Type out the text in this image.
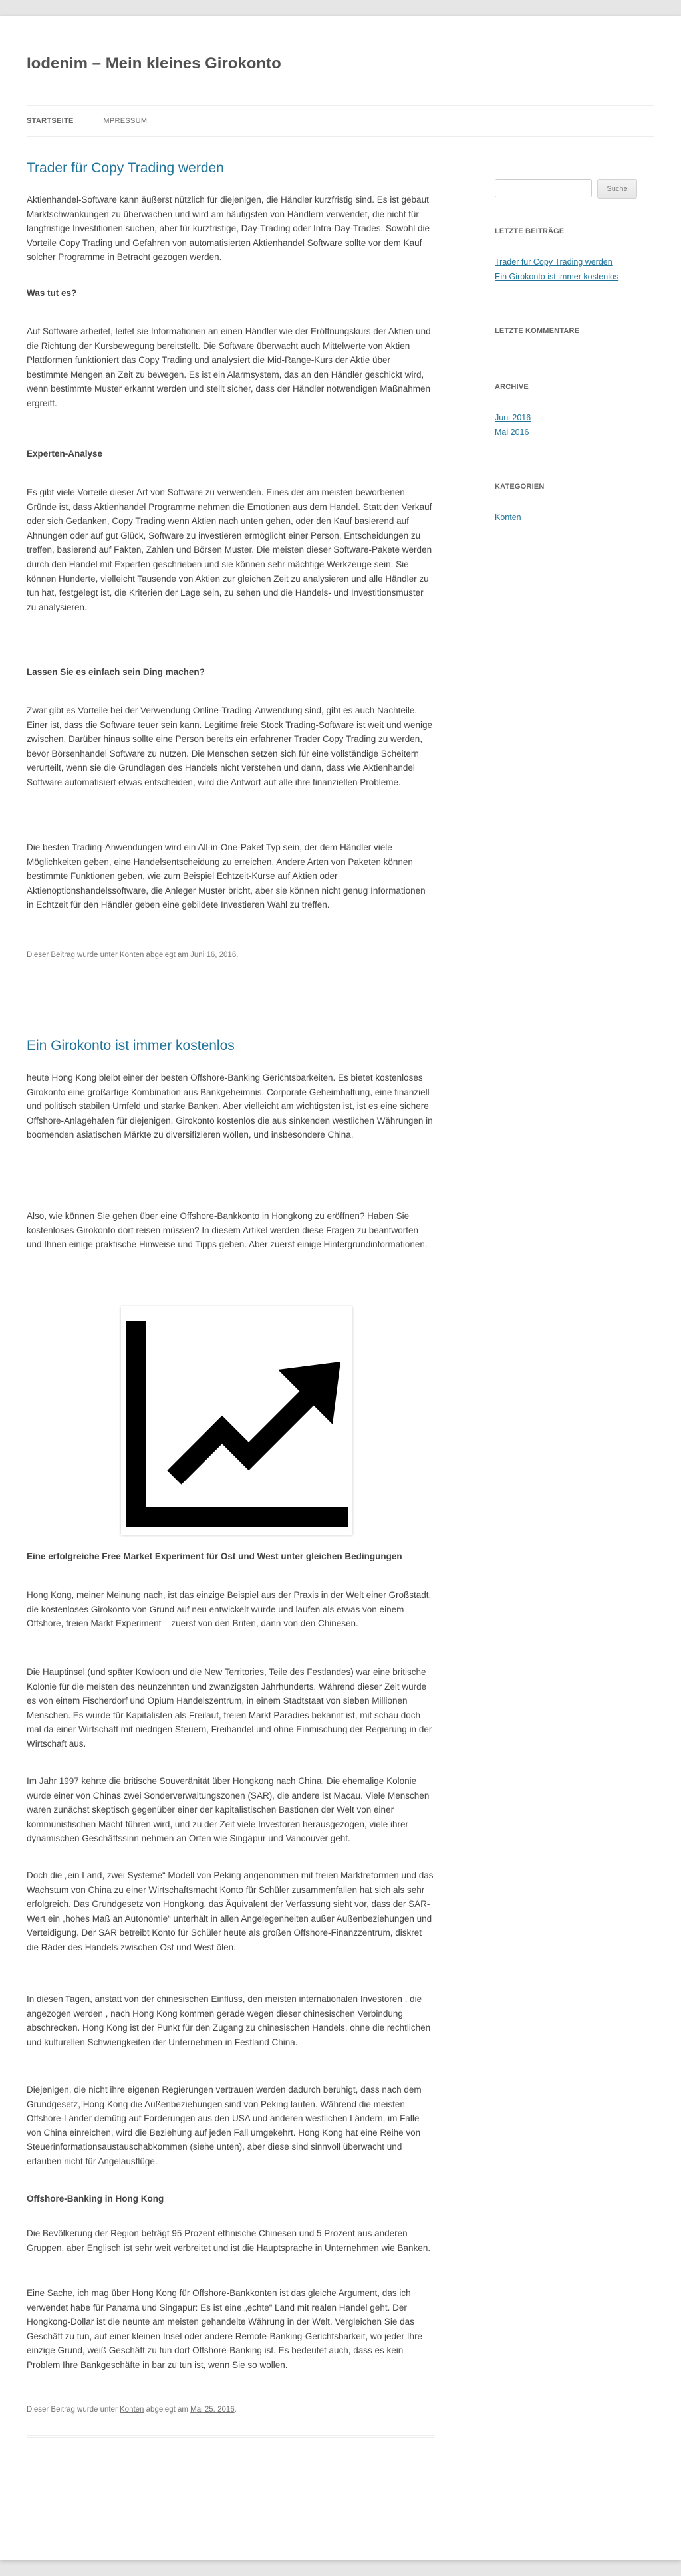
Iodenim – Mein kleines Girokonto
STARTSEITE	IMPRESSUM
Trader für Copy Trading werden

Aktienhandel-Software kann äußerst nützlich für diejenigen, die Händler kurzfristig sind. Es ist gebaut Marktschwankungen zu überwachen und wird am häufigsten von Händlern verwendet, die nicht für langfristige Investitionen suchen, aber für kurzfristige, Day-Trading oder Intra-Day-Trades. Sowohl die Vorteile Copy Trading und Gefahren von automatisierten Aktienhandel Software sollte vor dem Kauf solcher Programme in Betracht gezogen werden.

Was tut es?

Auf Software arbeitet, leitet sie Informationen an einen Händler wie der Eröffnungskurs der Aktien und die Richtung der Kursbewegung bereitstellt. Die Software überwacht auch Mittelwerte von Aktien Plattformen funktioniert das Copy Trading und analysiert die Mid-Range-Kurs der Aktie über bestimmte Mengen an Zeit zu bewegen. Es ist ein Alarmsystem, das an den Händler geschickt wird, wenn bestimmte Muster erkannt werden und stellt sicher, dass der Händler notwendigen Maßnahmen ergreift.

Experten-Analyse

Es gibt viele Vorteile dieser Art von Software zu verwenden. Eines der am meisten beworbenen Gründe ist, dass Aktienhandel Programme nehmen die Emotionen aus dem Handel. Statt den Verkauf oder sich Gedanken, Copy Trading wenn Aktien nach unten gehen, oder den Kauf basierend auf Ahnungen oder auf gut Glück, Software zu investieren ermöglicht einer Person, Entscheidungen zu treffen, basierend auf Fakten, Zahlen und Börsen Muster. Die meisten dieser Software-Pakete werden durch den Handel mit Experten geschrieben und sie können sehr mächtige Werkzeuge sein. Sie können Hunderte, vielleicht Tausende von Aktien zur gleichen Zeit zu analysieren und alle Händler zu tun hat, festgelegt ist, die Kriterien der Lage sein, zu sehen und die Handels- und Investitionsmuster zu analysieren.

Lassen Sie es einfach sein Ding machen?

Zwar gibt es Vorteile bei der Verwendung Online-Trading-Anwendung sind, gibt es auch Nachteile. Einer ist, dass die Software teuer sein kann. Legitime freie Stock Trading-Software ist weit und wenige zwischen. Darüber hinaus sollte eine Person bereits ein erfahrener Trader Copy Trading zu werden, bevor Börsenhandel Software zu nutzen. Die Menschen setzen sich für eine vollständige Scheitern verurteilt, wenn sie die Grundlagen des Handels nicht verstehen und dann, dass wie Aktienhandel Software automatisiert etwas entscheiden, wird die Antwort auf alle ihre finanziellen Probleme.

Die besten Trading-Anwendungen wird ein All-in-One-Paket Typ sein, der dem Händler viele Möglichkeiten geben, eine Handelsentscheidung zu erreichen. Andere Arten von Paketen können bestimmte Funktionen geben, wie zum Beispiel Echtzeit-Kurse auf Aktien oder Aktienoptionshandelssoftware, die Anleger Muster bricht, aber sie können nicht genug Informationen in Echtzeit für den Händler geben eine gebildete Investieren Wahl zu treffen.

Dieser Beitrag wurde unter Konten abgelegt am Juni 16, 2016.
Ein Girokonto ist immer kostenlos

heute Hong Kong bleibt einer der besten Offshore-Banking Gerichtsbarkeiten. Es bietet kostenloses Girokonto eine großartige Kombination aus Bankgeheimnis, Corporate Geheimhaltung, eine finanziell und politisch stabilen Umfeld und starke Banken. Aber vielleicht am wichtigsten ist, ist es eine sichere Offshore-Anlagehafen für diejenigen, Girokonto kostenlos die aus sinkenden westlichen Währungen in boomenden asiatischen Märkte zu diversifizieren wollen, und insbesondere China.

Also, wie können Sie gehen über eine Offshore-Bankkonto in Hongkong zu eröffnen? Haben Sie kostenloses Girokonto dort reisen müssen? In diesem Artikel werden diese Fragen zu beantworten und Ihnen einige praktische Hinweise und Tipps geben. Aber zuerst einige Hintergrundinformationen.

Eine erfolgreiche Free Market Experiment für Ost und West unter gleichen Bedingungen

Hong Kong, meiner Meinung nach, ist das einzige Beispiel aus der Praxis in der Welt einer Großstadt, die kostenloses Girokonto von Grund auf neu entwickelt wurde und laufen als etwas von einem Offshore, freien Markt Experiment – zuerst von den Briten, dann von den Chinesen.

Die Hauptinsel (und später Kowloon und die New Territories, Teile des Festlandes) war eine britische Kolonie für die meisten des neunzehnten und zwanzigsten Jahrhunderts. Während dieser Zeit wurde es von einem Fischerdorf und Opium Handelszentrum, in einem Stadtstaat von sieben Millionen Menschen. Es wurde für Kapitalisten als Freilauf, freien Markt Paradies bekannt ist, mit schau doch mal da einer Wirtschaft mit niedrigen Steuern, Freihandel und ohne Einmischung der Regierung in der Wirtschaft aus.

Im Jahr 1997 kehrte die britische Souveränität über Hongkong nach China. Die ehemalige Kolonie wurde einer von Chinas zwei Sonderverwaltungszonen (SAR), die andere ist Macau. Viele Menschen waren zunächst skeptisch gegenüber einer der kapitalistischen Bastionen der Welt von einer kommunistischen Macht führen wird, und zu der Zeit viele Investoren herausgezogen, viele ihrer dynamischen Geschäftssinn nehmen an Orten wie Singapur und Vancouver geht.

Doch die „ein Land, zwei Systeme“ Modell von Peking angenommen mit freien Marktreformen und das Wachstum von China zu einer Wirtschaftsmacht Konto für Schüler zusammenfallen hat sich als sehr erfolgreich. Das Grundgesetz von Hongkong, das Äquivalent der Verfassung sieht vor, dass der SAR-Wert ein „hohes Maß an Autonomie“ unterhält in allen Angelegenheiten außer Außenbeziehungen und Verteidigung. Der SAR betreibt Konto für Schüler heute als großen Offshore-Finanzzentrum, diskret die Räder des Handels zwischen Ost und West ölen.

In diesen Tagen, anstatt von der chinesischen Einfluss, den meisten internationalen Investoren , die angezogen werden , nach Hong Kong kommen gerade wegen dieser chinesischen Verbindung abschrecken. Hong Kong ist der Punkt für den Zugang zu chinesischen Handels, ohne die rechtlichen und kulturellen Schwierigkeiten der Unternehmen in Festland China.

Diejenigen, die nicht ihre eigenen Regierungen vertrauen werden dadurch beruhigt, dass nach dem Grundgesetz, Hong Kong die Außenbeziehungen sind von Peking laufen. Während die meisten Offshore-Länder demütig auf Forderungen aus den USA und anderen westlichen Ländern, im Falle von China einreichen, wird die Beziehung auf jeden Fall umgekehrt. Hong Kong hat eine Reihe von Steuerinformationsaustauschabkommen (siehe unten), aber diese sind sinnvoll überwacht und erlauben nicht für Angelausflüge.

Offshore-Banking in Hong Kong

Die Bevölkerung der Region beträgt 95 Prozent ethnische Chinesen und 5 Prozent aus anderen Gruppen, aber Englisch ist sehr weit verbreitet und ist die Hauptsprache in Unternehmen wie Banken.

Eine Sache, ich mag über Hong Kong für Offshore-Bankkonten ist das gleiche Argument, das ich verwendet habe für Panama und Singapur: Es ist eine „echte“ Land mit realen Handel geht. Der Hongkong-Dollar ist die neunte am meisten gehandelte Währung in der Welt. Vergleichen Sie das Geschäft zu tun, auf einer kleinen Insel oder andere Remote-Banking-Gerichtsbarkeit, wo jeder Ihre einzige Grund, weiß Geschäft zu tun dort Offshore-Banking ist. Es bedeutet auch, dass es kein Problem Ihre Bankgeschäfte in bar zu tun ist, wenn Sie so wollen.

Dieser Beitrag wurde unter Konten abgelegt am Mai 25, 2016.
Suche
LETZTE BEITRÄGE
Trader für Copy Trading werden
Ein Girokonto ist immer kostenlos
LETZTE KOMMENTARE
ARCHIVE
Juni 2016
Mai 2016
KATEGORIEN
Konten
